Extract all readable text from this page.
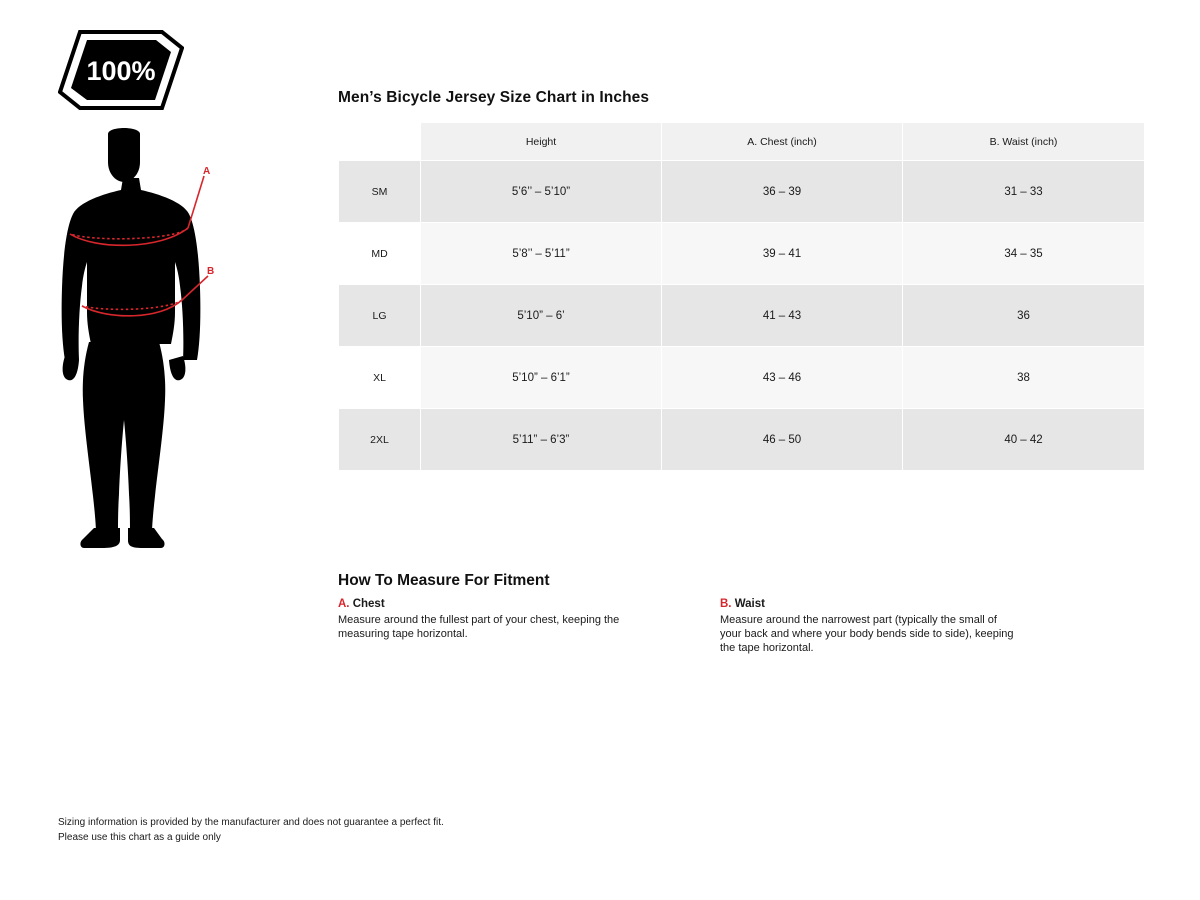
100%
A
B
Men’s Bicycle Jersey Size Chart in Inches
	Height	A. Chest (inch)	B. Waist (inch)
SM	5’6’’ – 5’10”	36 – 39	31 – 33
MD	5’8’’ – 5’11”	39 – 41	34 – 35
LG	5’10” – 6’	41 – 43	36
XL	5’10” – 6’1”	43 – 46	38
2XL	5’11” – 6’3”	46 – 50	40 – 42
How To Measure For Fitment
A. Chest
Measure around the fullest part of your chest, keeping the measuring tape horizontal.
B. Waist
Measure around the narrowest part (typically the small of your back and where your body bends side to side), keeping the tape horizontal.
Sizing information is provided by the manufacturer and does not guarantee a perfect fit.
Please use this chart as a guide only
